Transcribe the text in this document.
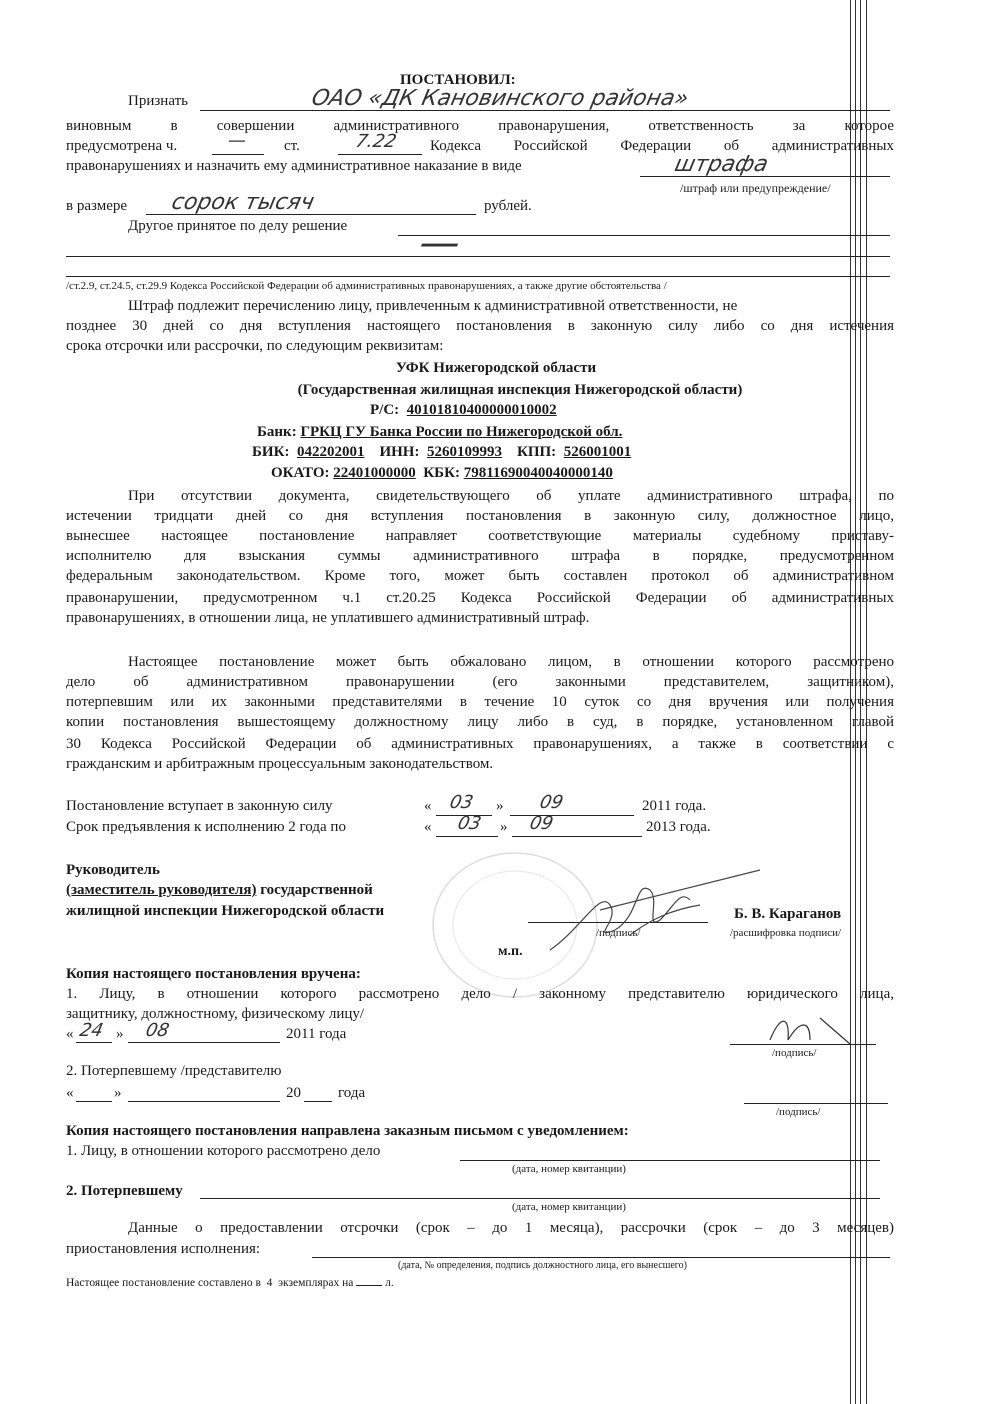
ПОСТАНОВИЛ:
Признать	ОАО «ДК Кановинского района»
виновным в совершении административного правонарушения, ответственность за которое
предусмотрена ч.	— ст.	7.22 Кодекса Российской Федерации об административных
правонарушениях и назначить ему административное наказание в виде	штрафа
/штраф или предупреждение/
в размере сорок тысяч	рублей.
Другое принятое по делу решение —
/ст.2.9, ст.24.5, ст.29.9 Кодекса Российской Федерации об административных правонарушениях, а также другие обстоятельства /
Штраф подлежит перечислению лицу, привлеченным к административной ответственности, не
позднее 30 дней со дня вступления настоящего постановления в законную силу либо со дня истечения
срока отсрочки или рассрочки, по следующим реквизитам:
УФК Нижегородской области
(Государственная жилищная инспекция Нижегородской области)
Р/С: 40101810400000010002
Банк: ГРКЦ ГУ Банка России по Нижегородской обл.
БИК: 042202001 ИНН: 5260109993 КПП: 526001001
ОКАТО: 22401000000 КБК: 79811690040040000140
При отсутствии документа, свидетельствующего об уплате административного штрафа, по
истечении тридцати дней со дня вступления постановления в законную силу, должностное лицо,
вынесшее настоящее постановление направляет соответствующие материалы судебному приставу-
исполнителю для взыскания суммы административного штрафа в порядке, предусмотренном
федеральным законодательством. Кроме того, может быть составлен протокол об административном
правонарушении, предусмотренном ч.1 ст.20.25 Кодекса Российской Федерации об административных
правонарушениях, в отношении лица, не уплатившего административный штраф.
Настоящее постановление может быть обжаловано лицом, в отношении которого рассмотрено
дело об административном правонарушении (его законными представителем, защитником),
потерпевшим или их законными представителями в течение 10 суток со дня вручения или получения
копии постановления вышестоящему должностному лицу либо в суд, в порядке, установленном главой
30 Кодекса Российской Федерации об административных правонарушениях, а также в соответствии с
гражданским и арбитражным процессуальным законодательством.
Постановление вступает в законную силу	« 03 » 09	2011 года.
Срок предъявления к исполнению 2 года по	« 03 » 09	2013 года.
Руководитель
(заместитель руководителя) государственной
жилищной инспекции Нижегородской области	Б. В. Караганов
/подпись/	/расшифровка подписи/
м.п.
Копия настоящего постановления вручена:
1. Лицу, в отношении которого рассмотрено дело / законному представителю юридического лица,
защитнику, должностному, физическому лицу/
« 24 » 08	2011 года
/подпись/
2. Потерпевшему /представителю
«	»	20 года
/подпись/
Копия настоящего постановления направлена заказным письмом с уведомлением:
1. Лицу, в отношении которого рассмотрено дело
(дата, номер квитанции)
2. Потерпевшему
(дата, номер квитанции)
Данные о предоставлении отсрочки (срок – до 1 месяца), рассрочки (срок – до 3 месяцев)
приостановления исполнения:
(дата, № определения, подпись должностного лица, его вынесшего)
Настоящее постановление составлено в 4 экземплярах на	л.
